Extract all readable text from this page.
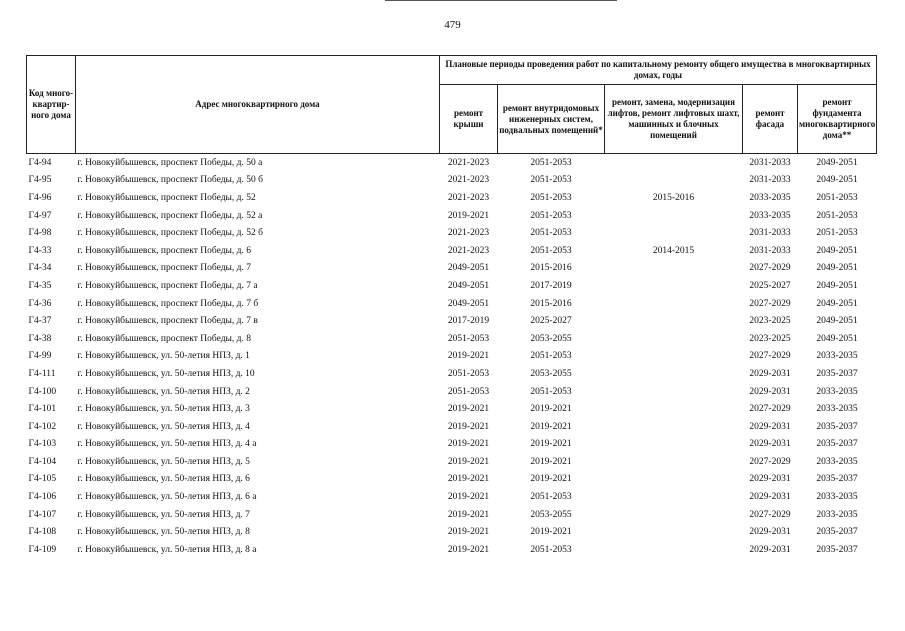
479
Код много-квартир-ного дома	Адрес многоквартирного дома	Плановые периоды проведения работ по капитальному ремонту общего имущества в многоквартирных домах, годы				
		ремонт крыши	ремонт внутридомовых инженерных систем, подвальных помещений*	ремонт, замена, модернизация лифтов, ремонт лифтовых шахт, машинных и блочных помещений	ремонт фасада	ремонт фундамента многоквартирного дома**
Г4-94	г. Новокуйбышевск, проспект Победы, д. 50 а	2021-2023	2051-2053		2031-2033	2049-2051
Г4-95	г. Новокуйбышевск, проспект Победы, д. 50 б	2021-2023	2051-2053		2031-2033	2049-2051
Г4-96	г. Новокуйбышевск, проспект Победы, д. 52	2021-2023	2051-2053	2015-2016	2033-2035	2051-2053
Г4-97	г. Новокуйбышевск, проспект Победы, д. 52 а	2019-2021	2051-2053		2033-2035	2051-2053
Г4-98	г. Новокуйбышевск, проспект Победы, д. 52 б	2021-2023	2051-2053		2031-2033	2051-2053
Г4-33	г. Новокуйбышевск, проспект Победы, д. 6	2021-2023	2051-2053	2014-2015	2031-2033	2049-2051
Г4-34	г. Новокуйбышевск, проспект Победы, д. 7	2049-2051	2015-2016		2027-2029	2049-2051
Г4-35	г. Новокуйбышевск, проспект Победы, д. 7 а	2049-2051	2017-2019		2025-2027	2049-2051
Г4-36	г. Новокуйбышевск, проспект Победы, д. 7 б	2049-2051	2015-2016		2027-2029	2049-2051
Г4-37	г. Новокуйбышевск, проспект Победы, д. 7 в	2017-2019	2025-2027		2023-2025	2049-2051
Г4-38	г. Новокуйбышевск, проспект Победы, д. 8	2051-2053	2053-2055		2023-2025	2049-2051
Г4-99	г. Новокуйбышевск, ул. 50-летия НПЗ, д. 1	2019-2021	2051-2053		2027-2029	2033-2035
Г4-111	г. Новокуйбышевск, ул. 50-летия НПЗ, д. 10	2051-2053	2053-2055		2029-2031	2035-2037
Г4-100	г. Новокуйбышевск, ул. 50-летия НПЗ, д. 2	2051-2053	2051-2053		2029-2031	2033-2035
Г4-101	г. Новокуйбышевск, ул. 50-летия НПЗ, д. 3	2019-2021	2019-2021		2027-2029	2033-2035
Г4-102	г. Новокуйбышевск, ул. 50-летия НПЗ, д. 4	2019-2021	2019-2021		2029-2031	2035-2037
Г4-103	г. Новокуйбышевск, ул. 50-летия НПЗ, д. 4 а	2019-2021	2019-2021		2029-2031	2035-2037
Г4-104	г. Новокуйбышевск, ул. 50-летия НПЗ, д. 5	2019-2021	2019-2021		2027-2029	2033-2035
Г4-105	г. Новокуйбышевск, ул. 50-летия НПЗ, д. 6	2019-2021	2019-2021		2029-2031	2035-2037
Г4-106	г. Новокуйбышевск, ул. 50-летия НПЗ, д. 6 а	2019-2021	2051-2053		2029-2031	2033-2035
Г4-107	г. Новокуйбышевск, ул. 50-летия НПЗ, д. 7	2019-2021	2053-2055		2027-2029	2033-2035
Г4-108	г. Новокуйбышевск, ул. 50-летия НПЗ, д. 8	2019-2021	2019-2021		2029-2031	2035-2037
Г4-109	г. Новокуйбышевск, ул. 50-летия НПЗ, д. 8 а	2019-2021	2051-2053		2029-2031	2035-2037
